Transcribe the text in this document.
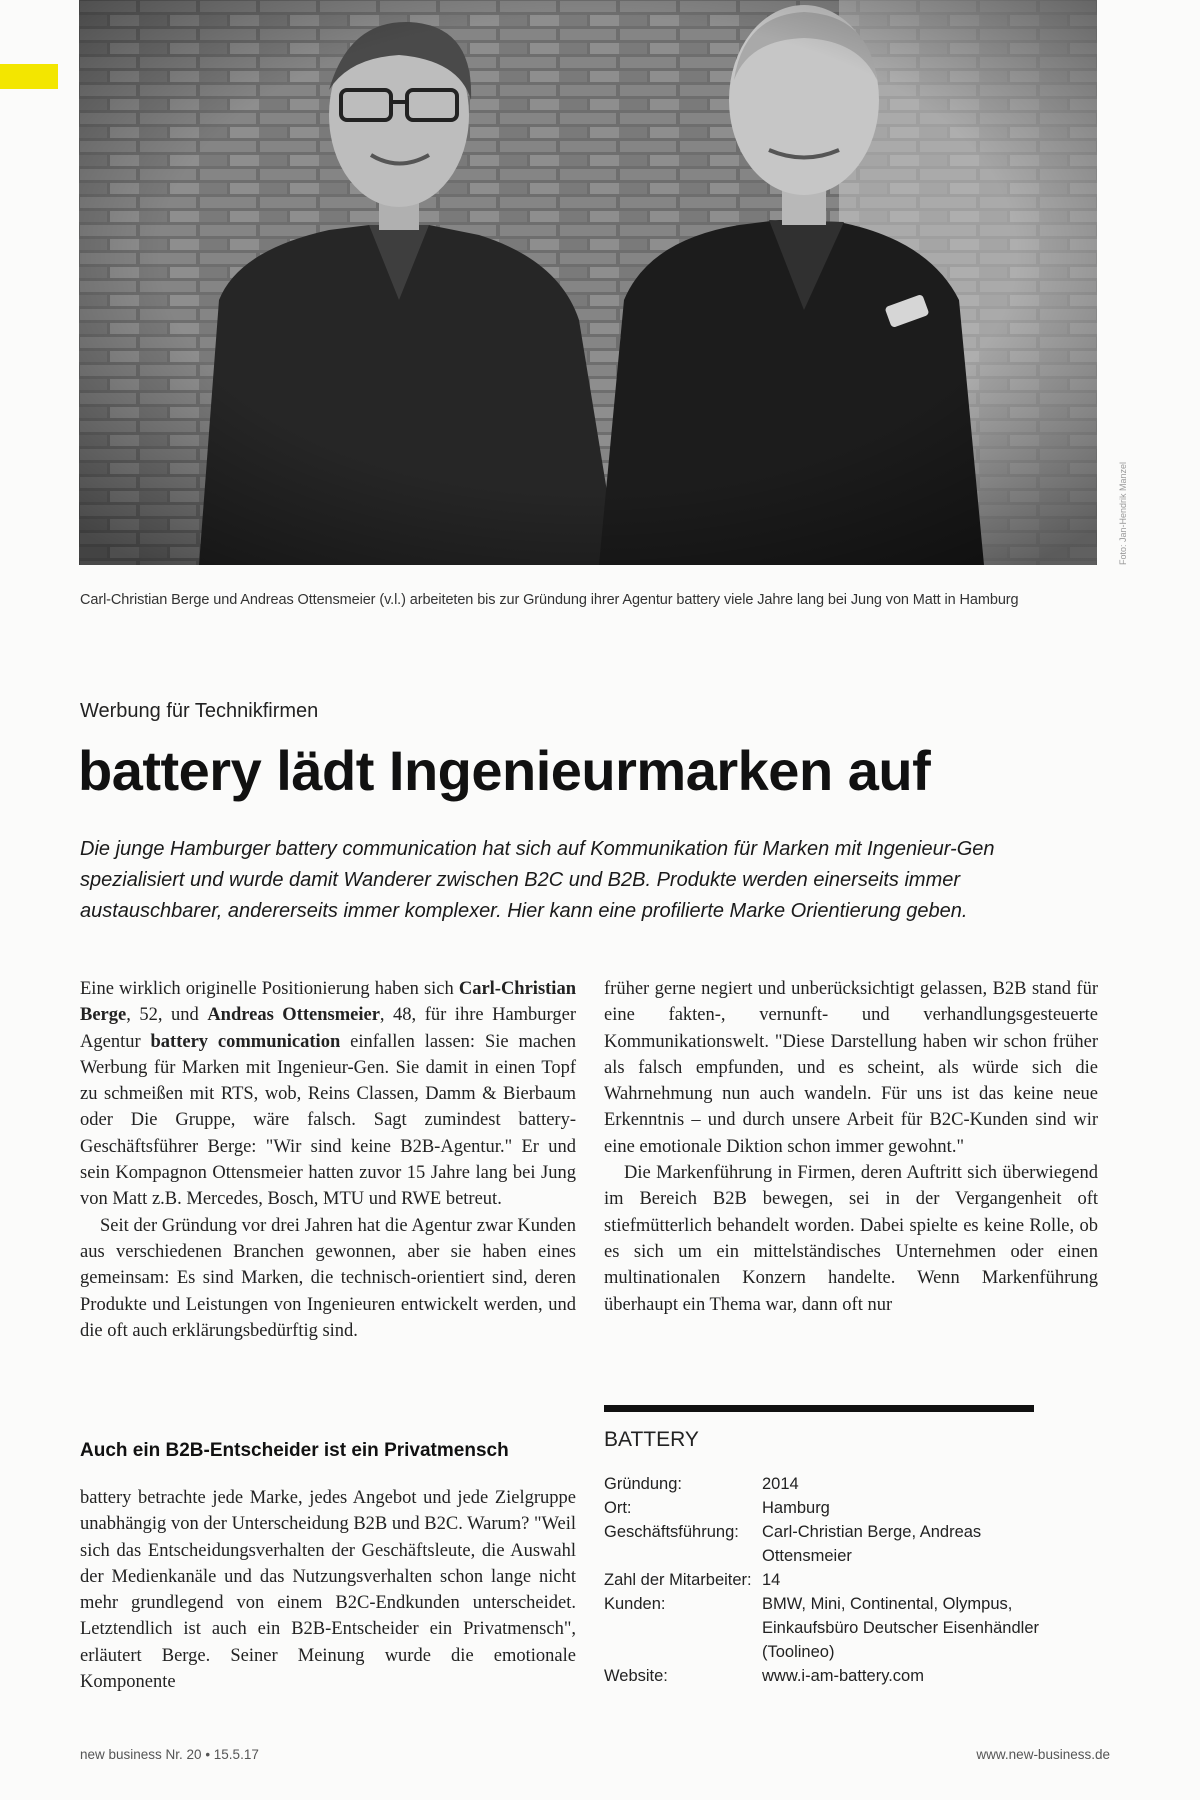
Foto: Jan-Hendrik Manzel
Carl-Christian Berge und Andreas Ottensmeier (v.l.) arbeiteten bis zur Gründung ihrer Agentur battery viele Jahre lang bei Jung von Matt in Hamburg
Werbung für Technikfirmen
battery lädt Ingenieurmarken auf

Die junge Hamburger battery communication hat sich auf Kommunikation für Marken mit Ingenieur-Gen spezialisiert und wurde damit Wanderer zwischen B2C und B2B. Produkte werden einerseits immer austauschbarer, andererseits immer komplexer. Hier kann eine profilierte Marke Orientierung geben.

Eine wirklich originelle Positionierung haben sich Carl-Christian Berge, 52, und Andreas Ottensmeier, 48, für ihre Hamburger Agentur battery communication einfallen lassen: Sie machen Werbung für Marken mit Ingenieur-Gen. Sie damit in einen Topf zu schmeißen mit RTS, wob, Reins Classen, Damm & Bierbaum oder Die Gruppe, wäre falsch. Sagt zumindest battery-Geschäftsführer Berge: "Wir sind keine B2B-Agentur." Er und sein Kompagnon Ottensmeier hatten zuvor 15 Jahre lang bei Jung von Matt z.B. Mercedes, Bosch, MTU und RWE betreut.

Seit der Gründung vor drei Jahren hat die Agentur zwar Kunden aus verschiedenen Branchen gewonnen, aber sie haben eines gemeinsam: Es sind Marken, die technisch-orientiert sind, deren Produkte und Leistungen von Ingenieuren entwickelt werden, und die oft auch erklärungsbedürftig sind.

Auch ein B2B-Entscheider ist ein Privatmensch

battery betrachte jede Marke, jedes Angebot und jede Zielgruppe unabhängig von der Unterscheidung B2B und B2C. Warum? "Weil sich das Entscheidungsverhalten der Geschäftsleute, die Auswahl der Medienkanäle und das Nutzungsverhalten schon lange nicht mehr grundlegend von einem B2C-Endkunden unterscheidet. Letztendlich ist auch ein B2B-Entscheider ein Privatmensch", erläutert Berge. Seiner Meinung wurde die emotionale Komponente

früher gerne negiert und unberücksichtigt gelassen, B2B stand für eine fakten-, vernunft- und verhandlungsgesteuerte Kommunikationswelt. "Diese Darstellung haben wir schon früher als falsch empfunden, und es scheint, als würde sich die Wahrnehmung nun auch wandeln. Für uns ist das keine neue Erkenntnis – und durch unsere Arbeit für B2C-Kunden sind wir eine emotionale Diktion schon immer gewohnt."

Die Markenführung in Firmen, deren Auftritt sich überwiegend im Bereich B2B bewegen, sei in der Vergangenheit oft stiefmütterlich behandelt worden. Dabei spielte es keine Rolle, ob es sich um ein mittelständisches Unternehmen oder einen multinationalen Konzern handelte. Wenn Markenführung überhaupt ein Thema war, dann oft nur

BATTERY
Gründung:	2014
Ort:	Hamburg
Geschäftsführung: Carl-Christian Berge, Andreas
Ottensmeier
Zahl der Mitarbeiter: 14
Kunden:	BMW, Mini, Continental, Olympus,
Einkaufsbüro Deutscher Eisenhändler
(Toolineo)
Website:	www.i-am-battery.com
new business Nr. 20 • 15.5.17	www.new-business.de
